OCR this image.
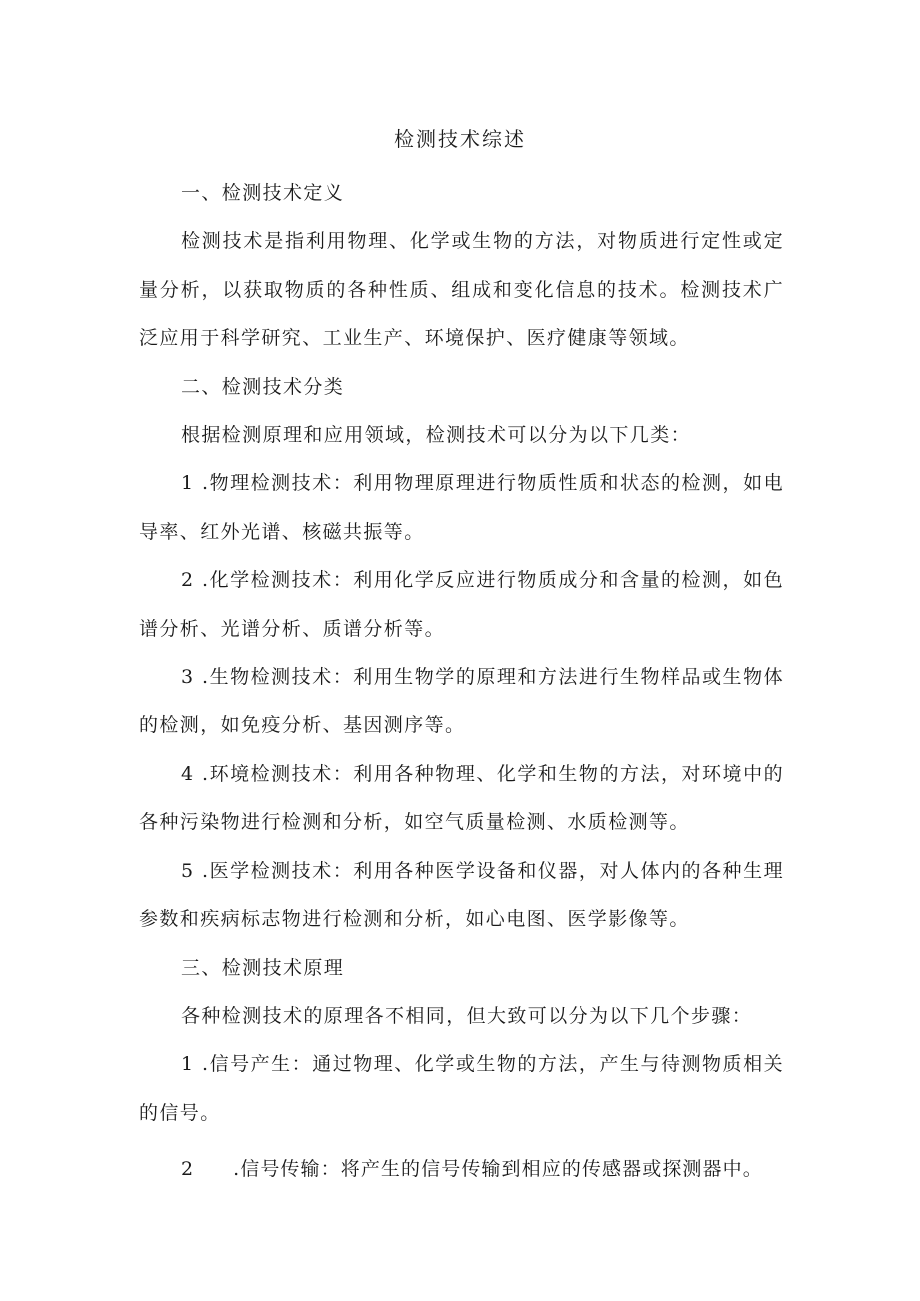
检测技术综述

一、检测技术定义

检测技术是指利用物理、化学或生物的方法，对物质进行定性或定量分析，以获取物质的各种性质、组成和变化信息的技术。检测技术广泛应用于科学研究、工业生产、环境保护、医疗健康等领域。

二、检测技术分类

根据检测原理和应用领域，检测技术可以分为以下几类：

1 .物理检测技术：利用物理原理进行物质性质和状态的检测，如电导率、红外光谱、核磁共振等。

2 .化学检测技术：利用化学反应进行物质成分和含量的检测，如色谱分析、光谱分析、质谱分析等。

3 .生物检测技术：利用生物学的原理和方法进行生物样品或生物体的检测，如免疫分析、基因测序等。

4 .环境检测技术：利用各种物理、化学和生物的方法，对环境中的各种污染物进行检测和分析，如空气质量检测、水质检测等。

5 .医学检测技术：利用各种医学设备和仪器，对人体内的各种生理参数和疾病标志物进行检测和分析，如心电图、医学影像等。

三、检测技术原理

各种检测技术的原理各不相同，但大致可以分为以下几个步骤：

1 .信号产生：通过物理、化学或生物的方法，产生与待测物质相关的信号。

2 .信号传输：将产生的信号传输到相应的传感器或探测器中。
